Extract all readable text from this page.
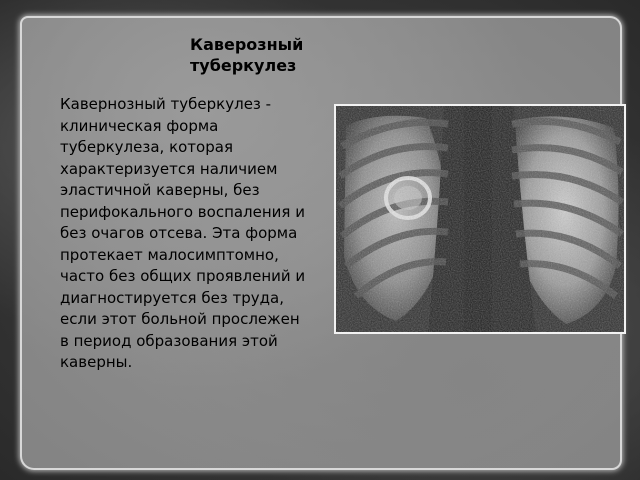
Каверозный туберкулез
Кавернозный туберкулез - клиническая форма туберкулеза, которая характеризуется наличием эластичной каверны, без перифокального воспаления и без очагов отсева. Эта форма протекает малосимптомно, часто без общих проявлений и диагностируется без труда, если этот больной прослежен в период образования этой каверны.
